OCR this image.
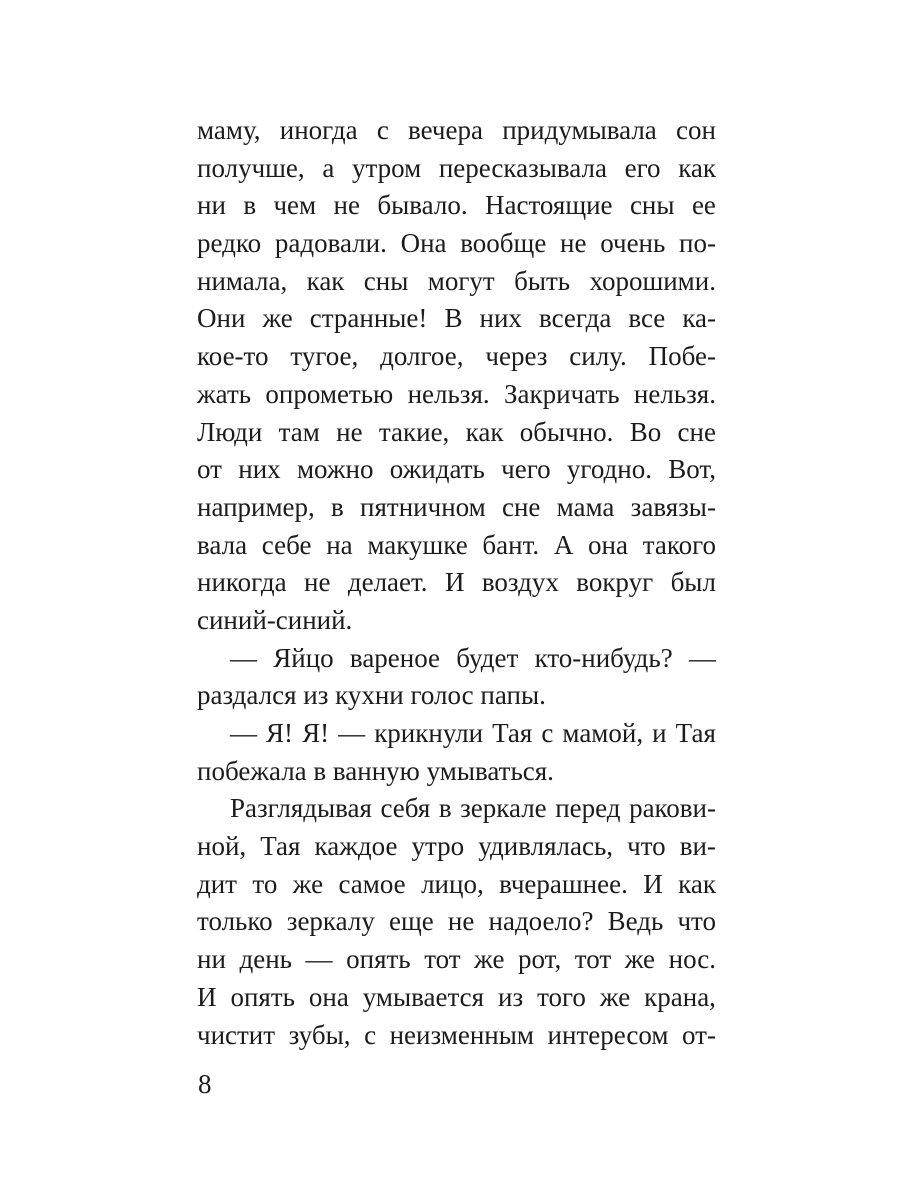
маму, иногда с вечера придумывала сон
получше, а утром пересказывала его как
ни в чем не бывало. Настоящие сны ее
редко радовали. Она вообще не очень по-
нимала, как сны могут быть хорошими.
Они же странные! В них всегда все ка-
кое-то тугое, долгое, через силу. Побе-
жать опрометью нельзя. Закричать нельзя.
Люди там не такие, как обычно. Во сне
от них можно ожидать чего угодно. Вот,
например, в пятничном сне мама завязы-
вала себе на макушке бант. А она такого
никогда не делает. И воздух вокруг был
синий-синий.
— Яйцо вареное будет кто-нибудь? —
раздался из кухни голос папы.
— Я! Я! — крикнули Тая с мамой, и Тая
побежала в ванную умываться.
Разглядывая себя в зеркале перед ракови-
ной, Тая каждое утро удивлялась, что ви-
дит то же самое лицо, вчерашнее. И как
только зеркалу еще не надоело? Ведь что
ни день — опять тот же рот, тот же нос.
И опять она умывается из того же крана,
чистит зубы, с неизменным интересом от-
8
